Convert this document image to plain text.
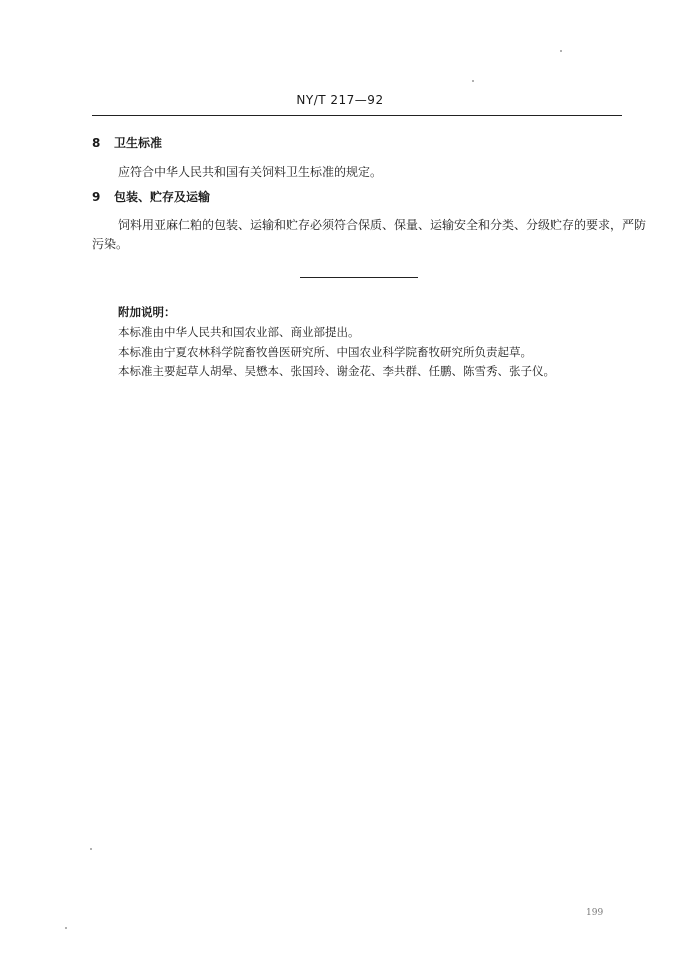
NY/T 217—92
8 卫生标准
应符合中华人民共和国有关饲料卫生标准的规定。
9 包装、贮存及运输
饲料用亚麻仁粕的包装、运输和贮存必须符合保质、保量、运输安全和分类、分级贮存的要求，严防
污染。
附加说明：
本标准由中华人民共和国农业部、商业部提出。
本标准由宁夏农林科学院畜牧兽医研究所、中国农业科学院畜牧研究所负责起草。
本标准主要起草人胡晕、吴懋本、张国玲、谢金花、李共群、任鹏、陈雪秀、张子仪。
199
